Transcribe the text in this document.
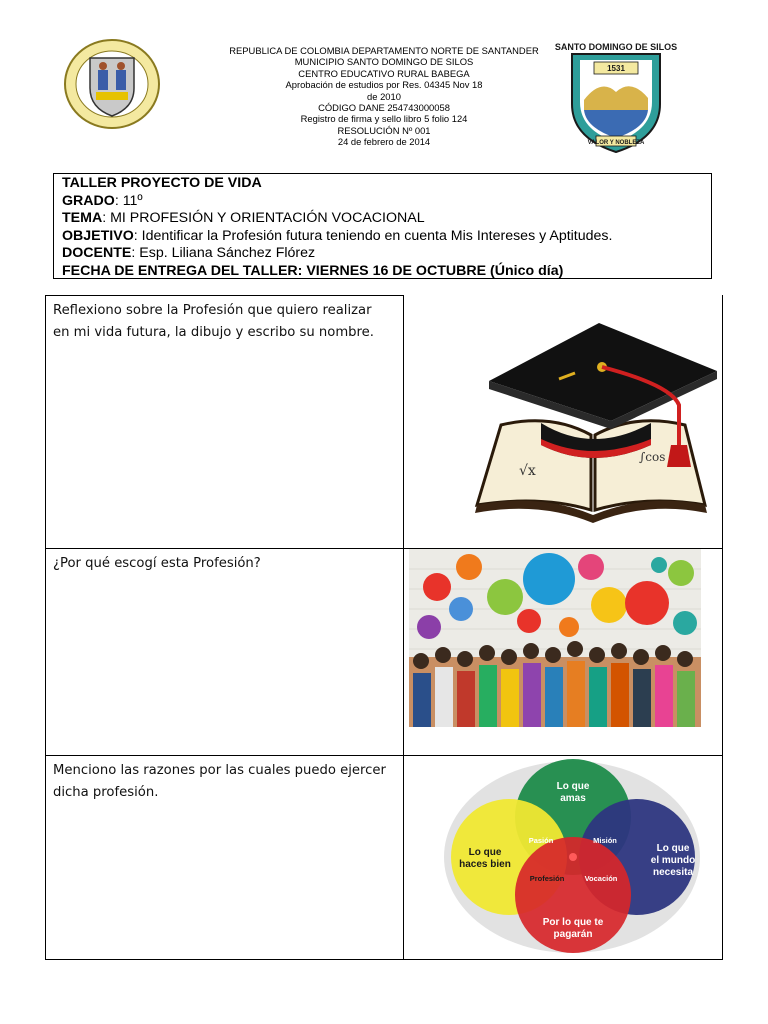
REPUBLICA DE COLOMBIA DEPARTAMENTO NORTE DE SANTANDER
MUNICIPIO SANTO DOMINGO DE SILOS
CENTRO EDUCATIVO RURAL BABEGA
Aprobación de estudios por Res. 04345 Nov 18
de 2010
CÓDIGO DANE 254743000058
Registro de firma y sello libro 5 folio 124
RESOLUCIÓN Nº 001
24 de febrero de 2014
SANTO DOMINGO DE SILOS
1531
VALOR Y NOBLEZA
TALLER PROYECTO DE VIDA
GRADO: 11º
TEMA: MI PROFESIÓN Y ORIENTACIÓN VOCACIONAL
OBJETIVO: Identificar la Profesión futura teniendo en cuenta Mis Intereses y Aptitudes.
DOCENTE: Esp. Liliana Sánchez Flórez
FECHA DE ENTREGA DEL TALLER: VIERNES 16 DE OCTUBRE (Único día)
Reflexiono sobre la Profesión que quiero realizar
en mi vida futura, la dibujo y escribo su nombre.
√x
∫cos
¿Por qué escogí esta Profesión?
Menciono las razones por las cuales puedo ejercer
dicha profesión.	Lo que
amas
Lo que
el mundo
necesita
Lo que
haces bien
Por lo que te
pagarán
Pasión	Misión
Profesión	Vocación
